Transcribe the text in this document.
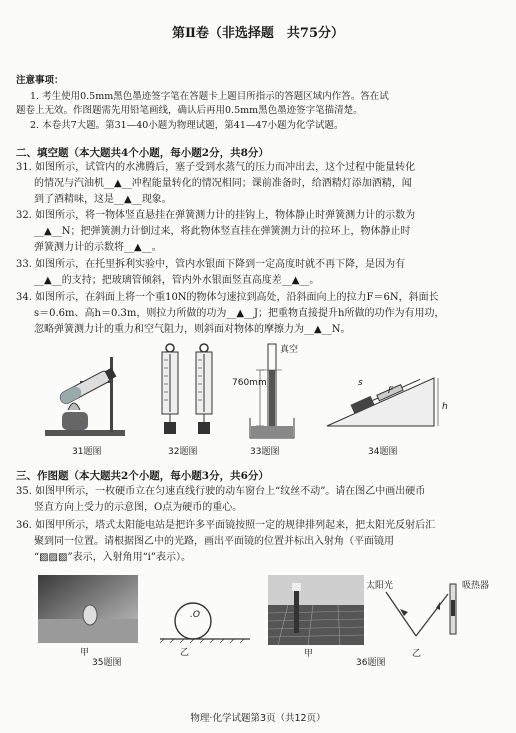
第Ⅱ卷（非选择题　共75分）
注意事项：
1. 考生使用0.5mm黑色墨迹签字笔在答题卡上题目所指示的答题区域内作答。答在试
题卷上无效。作图题需先用铅笔画线，确认后再用0.5mm黑色墨迹签字笔描清楚。
2. 本卷共7大题。第31—40小题为物理试题，第41—47小题为化学试题。
二、填空题（本大题共4个小题，每小题2分，共8分）
31. 如图所示，试管内的水沸腾后，塞子受到水蒸气的压力而冲出去，这个过程中能量转化
的情况与汽油机__▲__冲程能量转化的情况相同；课前准备时，给酒精灯添加酒精，闻
到了酒精味，这是__▲__现象。
32. 如图所示，将一物体竖直悬挂在弹簧测力计的挂钩上，物体静止时弹簧测力计的示数为
__▲__N；把弹簧测力计倒过来，将此物体竖直挂在弹簧测力计的拉环上，物体静止时
弹簧测力计的示数将__▲__。
33. 如图所示，在托里拆利实验中，管内水银面下降到一定高度时就不再下降，是因为有
__▲__的支持；把玻璃管倾斜，管内外水银面竖直高度差__▲__。
34. 如图所示，在斜面上将一个重10N的物体匀速拉到高处，沿斜面向上的拉力F＝6N，斜面长
s＝0.6m、高h＝0.3m，则拉力所做的功为__▲__J；把重物直接提升h所做的功作为有用功，
忽略弹簧测力计的重力和空气阻力，则斜面对物体的摩擦力为__▲__N。
31题图	32题图
真空
760mm
33题图
s
F
h
34题图
三、作图题（本大题共2个小题，每小题3分，共6分）
35. 如图甲所示，一枚硬币立在匀速直线行驶的动车窗台上“纹丝不动”。请在图乙中画出硬币
竖直方向上受力的示意图，O点为硬币的重心。
36. 如图甲所示，塔式太阳能电站是把许多平面镜按照一定的规律排列起来，把太阳光反射后汇
聚到同一位置。请根据图乙中的光路，画出平面镜的位置并标出入射角（平面镜用
“▨▨▨”表示，入射角用“i”表示）。
甲
.O
乙
35题图
甲
太阳光	吸热器
乙
36题图
物理·化学试题第3页（共12页）
